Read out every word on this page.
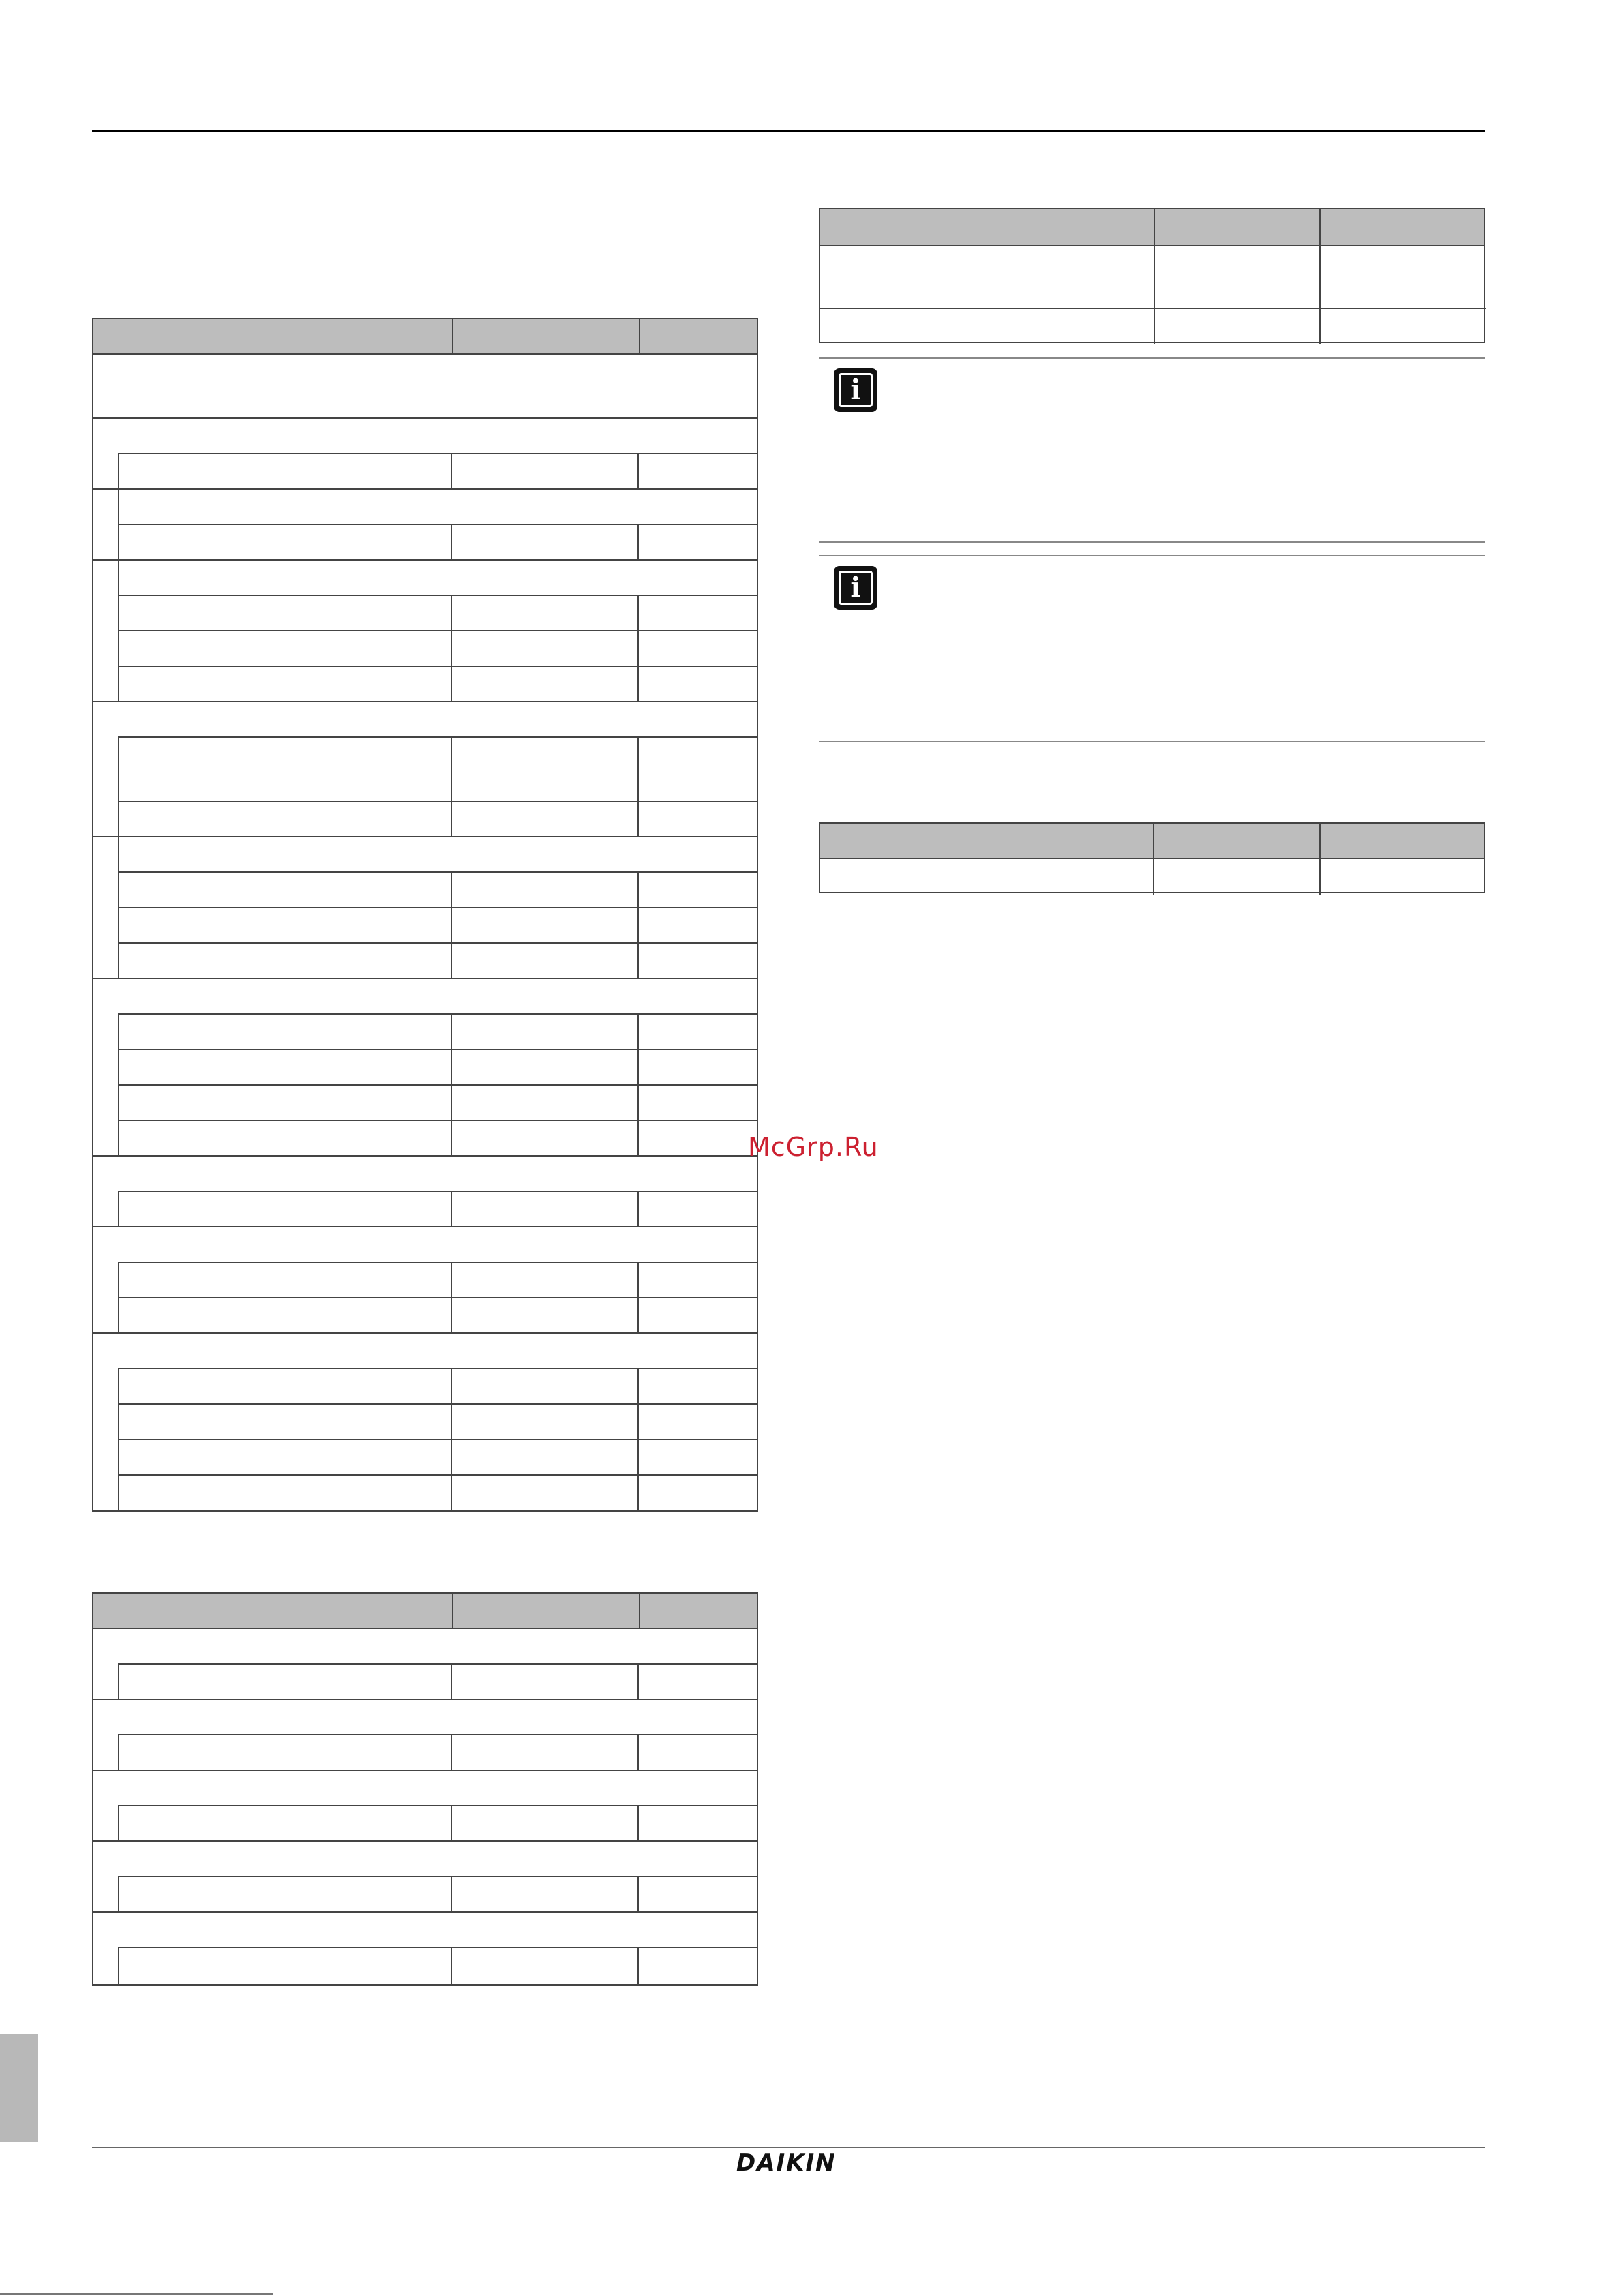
i
i
McGrp.Ru
DAIKIN
